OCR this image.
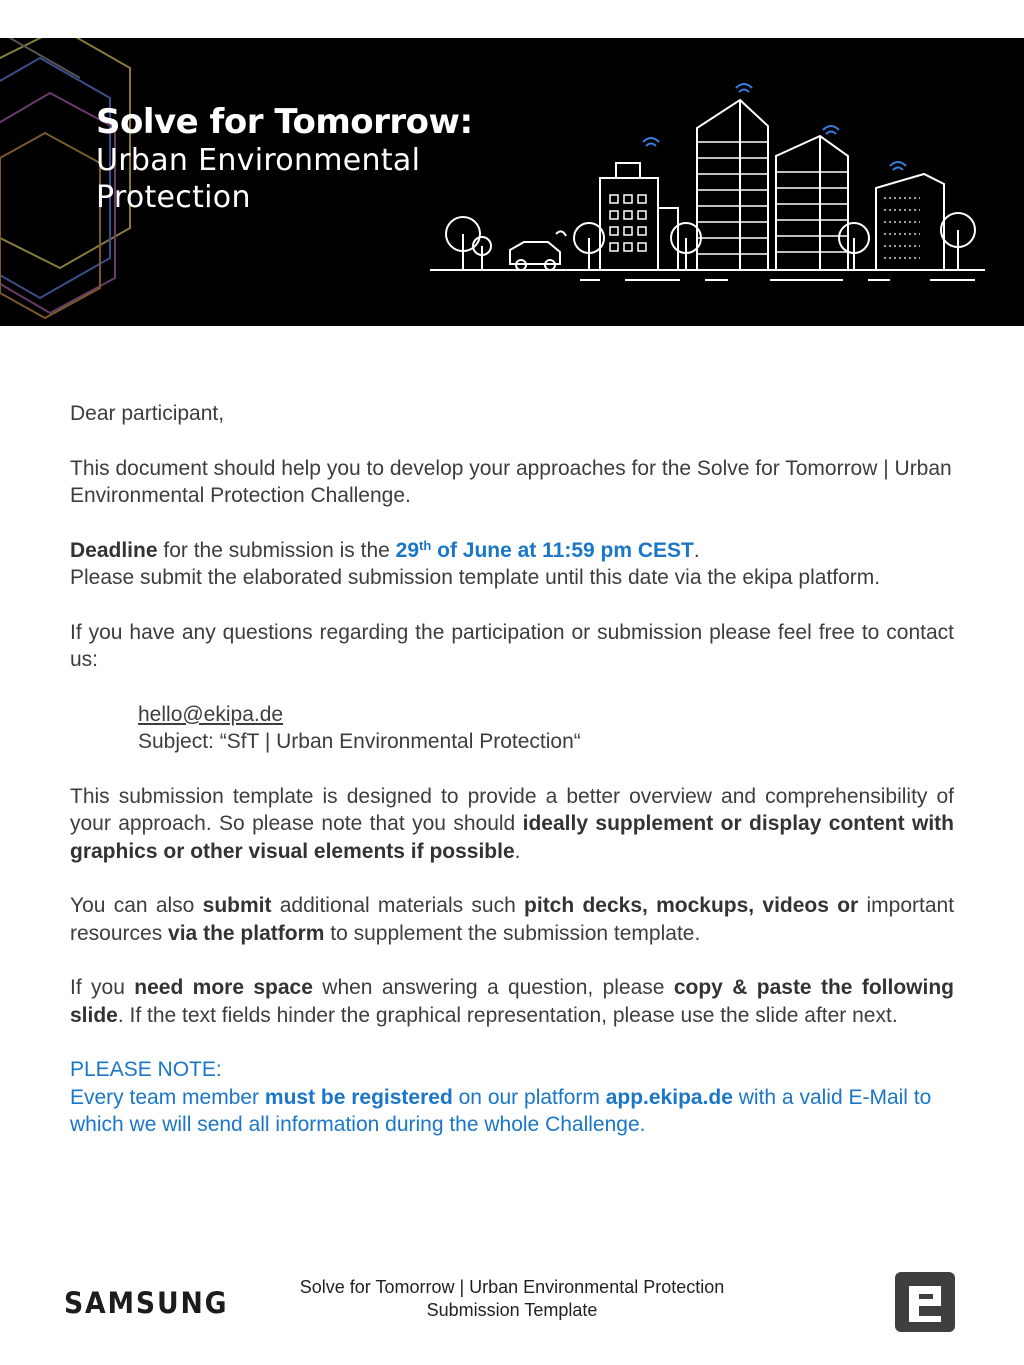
Solve for Tomorrow:
Urban Environmental
Protection

Dear participant,

This document should help you to develop your approaches for the Solve for Tomorrow | Urban Environmental Protection Challenge.

Deadline for the submission is the 29th of June at 11:59 pm CEST.
Please submit the elaborated submission template until this date via the ekipa platform.

If you have any questions regarding the participation or submission please feel free to contact us:

hello@ekipa.de
Subject: “SfT | Urban Environmental Protection“

This submission template is designed to provide a better overview and comprehensibility of your approach. So please note that you should ideally supplement or display content with graphics or other visual elements if possible.

You can also submit additional materials such pitch decks, mockups, videos or important resources via the platform to supplement the submission template.

If you need more space when answering a question, please copy & paste the following slide. If the text fields hinder the graphical representation, please use the slide after next.

PLEASE NOTE:
Every team member must be registered on our platform app.ekipa.de with a valid E-Mail to which we will send all information during the whole Challenge.

SAMSUNG	Solve for Tomorrow | Urban Environmental Protection
Submission Template
